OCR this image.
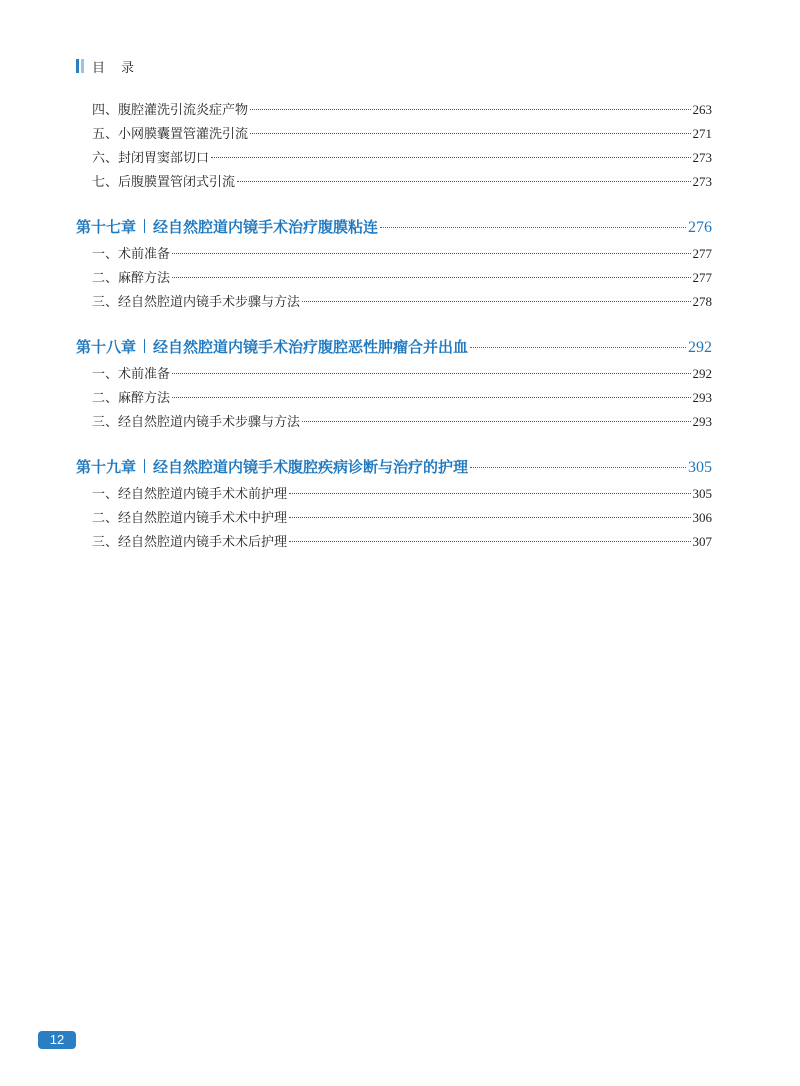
目录
四、腹腔灌洗引流炎症产物	263
五、小网膜囊置管灌洗引流	271
六、封闭胃窦部切口	273
七、后腹膜置管闭式引流	273
第十七章 经自然腔道内镜手术治疗腹膜粘连	276
一、术前准备	277
二、麻醉方法	277
三、经自然腔道内镜手术步骤与方法	278
第十八章 经自然腔道内镜手术治疗腹腔恶性肿瘤合并出血	292
一、术前准备	292
二、麻醉方法	293
三、经自然腔道内镜手术步骤与方法	293
第十九章 经自然腔道内镜手术腹腔疾病诊断与治疗的护理	305
一、经自然腔道内镜手术术前护理	305
二、经自然腔道内镜手术术中护理	306
三、经自然腔道内镜手术术后护理	307
12
